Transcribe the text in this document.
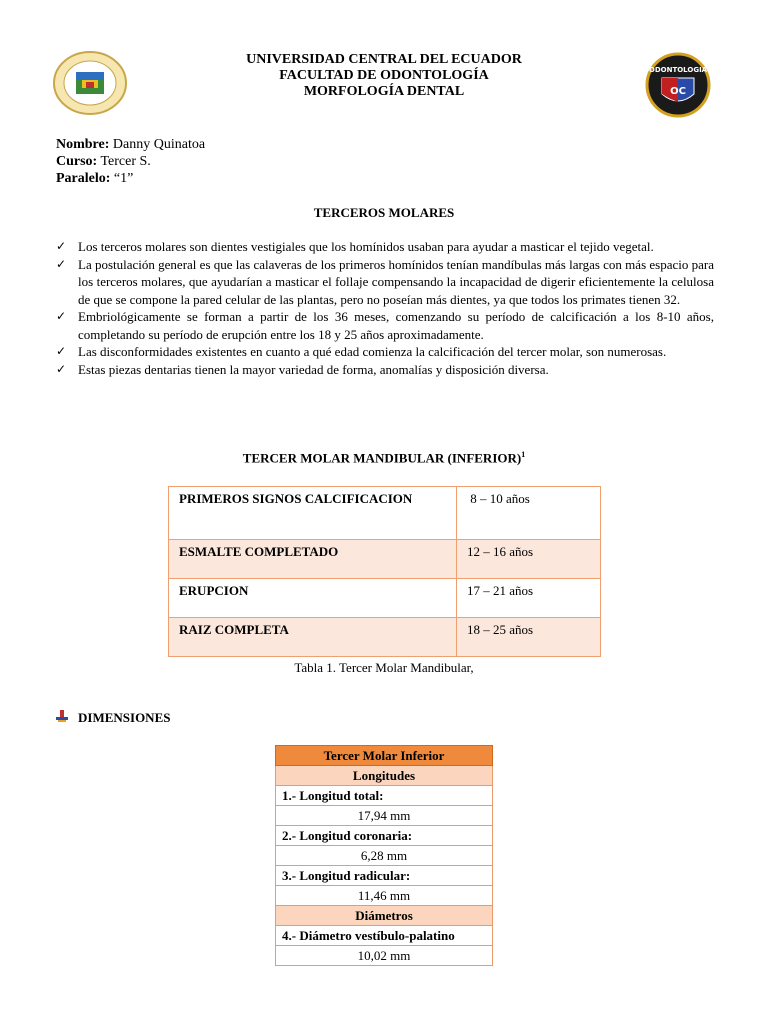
ODONTOLOGIA
OC
UNIVERSIDAD CENTRAL DEL ECUADOR
FACULTAD DE ODONTOLOGÍA
MORFOLOGÍA DENTAL
Nombre: Danny Quinatoa
Curso: Tercer S.
Paralelo: “1”
TERCEROS MOLARES
✓ Los terceros molares son dientes vestigiales que los homínidos usaban para ayudar a masticar el tejido vegetal.
✓ La postulación general es que las calaveras de los primeros homínidos tenían mandíbulas más largas con más espacio para los terceros molares, que ayudarían a masticar el follaje compensando la incapacidad de digerir eficientemente la celulosa de que se compone la pared celular de las plantas, pero no poseían más dientes, ya que todos los primates tienen 32.
✓ Embriológicamente se forman a partir de los 36 meses, comenzando su período de calcificación a los 8-10 años, completando su período de erupción entre los 18 y 25 años aproximadamente.
✓ Las disconformidades existentes en cuanto a qué edad comienza la calcificación del tercer molar, son numerosas.
✓ Estas piezas dentarias tienen la mayor variedad de forma, anomalías y disposición diversa.
TERCER MOLAR MANDIBULAR (INFERIOR)$^1$
PRIMEROS SIGNOS CALCIFICACION	8 – 10 años
ESMALTE COMPLETADO	12 – 16 años
ERUPCION	17 – 21 años
RAIZ COMPLETA	18 – 25 años
Tabla 1. Tercer Molar Mandibular,
DIMENSIONES
Tercer Molar Inferior
Longitudes
1.- Longitud total:
17,94 mm
2.- Longitud coronaria:
6,28 mm
3.- Longitud radicular:
11,46 mm
Diámetros
4.- Diámetro vestíbulo-palatino
10,02 mm
